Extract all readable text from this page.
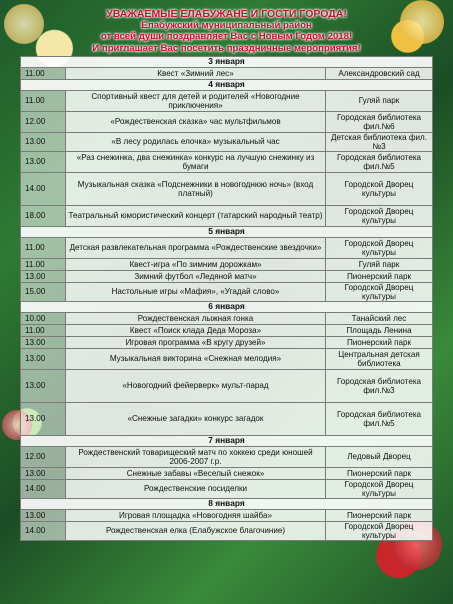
УВАЖАЕМЫЕ ЕЛАБУЖАНЕ И ГОСТИ ГОРОДА!
Елабужский муниципальный район
от всей души поздравляет Вас с Новым Годом 2018!
И приглашает Вас посетить праздничные мероприятия!
3 января		
11.00	Квест «Зимний лес»	Александровский сад
4 января		
11.00	Спортивный квест для детей и родителей «Новогодние приключения»	Гуляй парк
12.00	«Рождественская сказка» час мультфильмов	Городская библиотека фил.№6
13.00	«В лесу родилась елочка» музыкальный час	Детская библиотека фил.№3
13.00	«Раз снежинка, два снежинка» конкурс на лучшую снежинку из бумаги	Городская библиотека фил.№5
14.00	Музыкальная сказка «Подснежники в новогоднюю ночь» (вход платный)	Городской Дворец культуры
18.00	Театральный юмористический концерт (татарский народный театр)	Городской Дворец культуры
5 января		
11.00	Детская развлекательная программа «Рождественские звездочки»	Городской Дворец культуры
11.00	Квест-игра «По зимним дорожкам»	Гуляй парк
13.00	Зимний футбол «Ледяной матч»	Пионерский парк
15.00	Настольные игры «Мафия», «Угадай слово»	Городской Дворец культуры
6 января		
10.00	Рождественская лыжная гонка	Танайский лес
11.00	Квест «Поиск клада Деда Мороза»	Площадь Ленина
13.00	Игровая программа «В кругу друзей»	Пионерский парк
13.00	Музыкальная викторина «Снежная мелодия»	Центральная детская библиотека
13.00	«Новогодний фейерверк» мульт-парад	Городская библиотека фил.№3
13.00	«Снежные загадки» конкурс загадок	Городская библиотека фил.№5
7 января		
12.00	Рождественский товарищеский матч по хоккею среди юношей 2006-2007 г.р.	Ледовый Дворец
13.00	Снежные забавы «Веселый снежок»	Пионерский парк
14.00	Рождественские посиделки	Городской Дворец культуры
8 января		
13.00	Игровая площадка «Новогодняя шайба»	Пионерский парк
14.00	Рождественская елка (Елабужское благочиние)	Городской Дворец культуры
